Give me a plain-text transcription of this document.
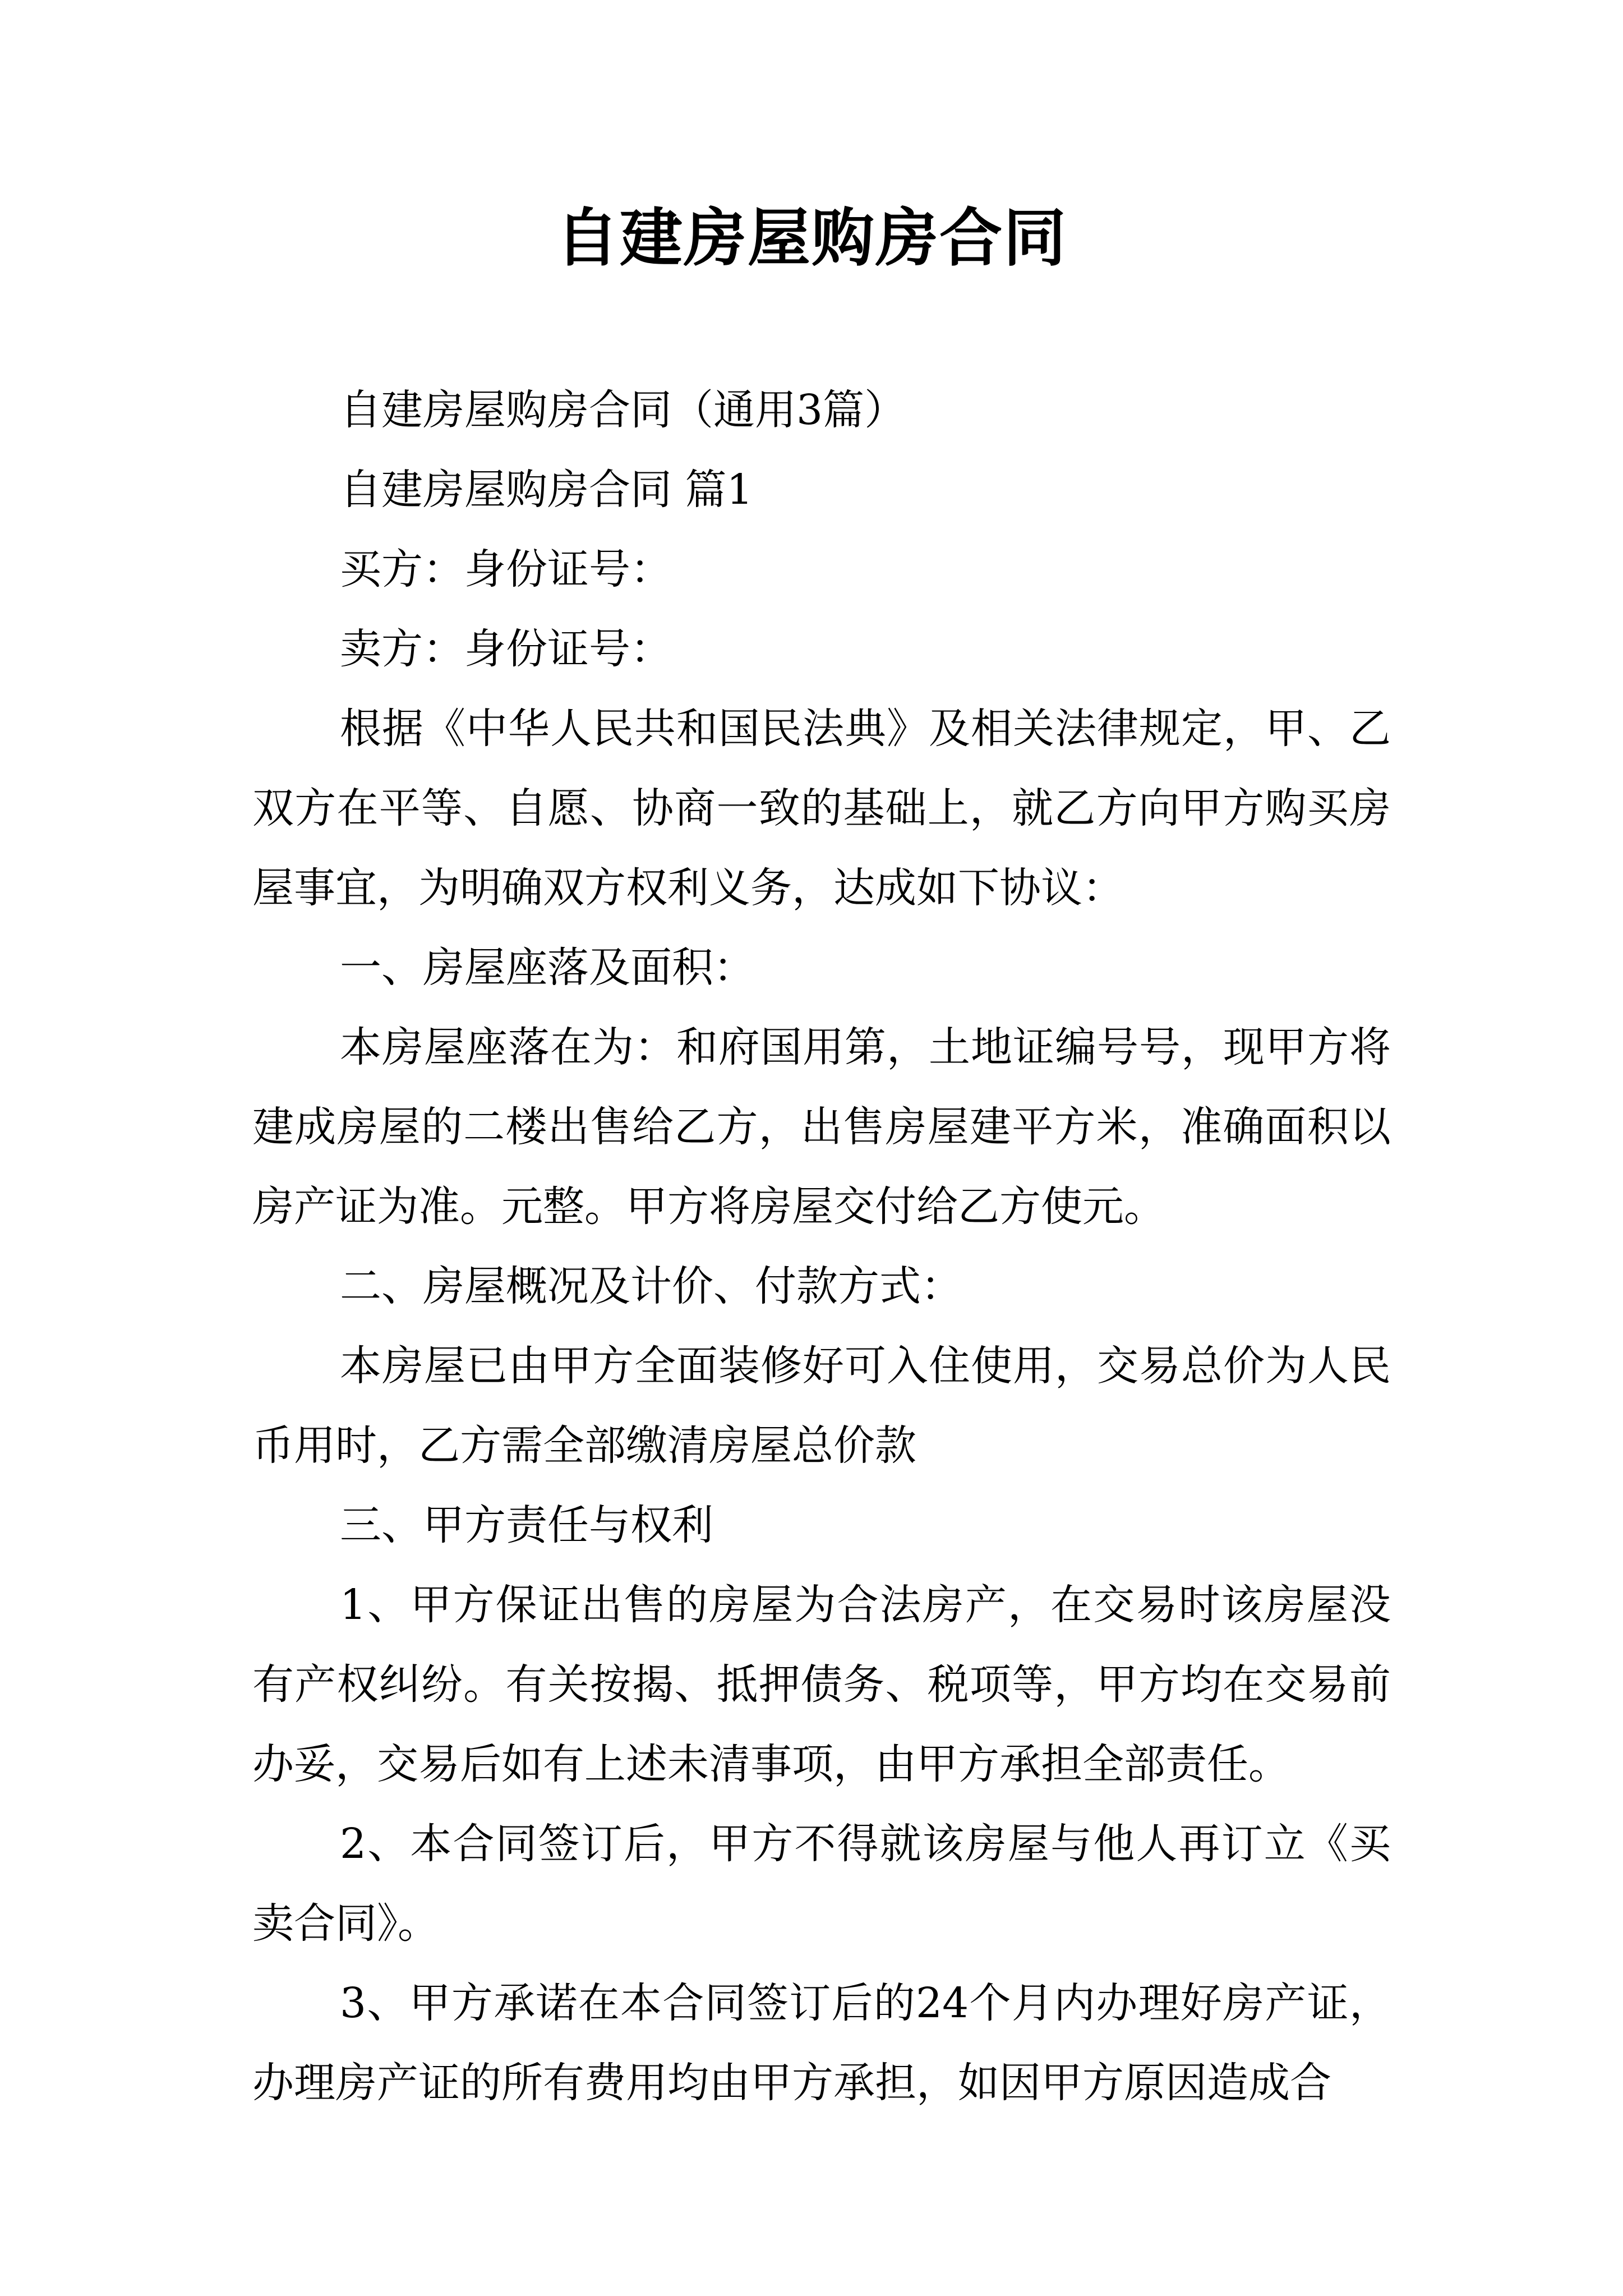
自建房屋购房合同

自建房屋购房合同（通用3篇）

自建房屋购房合同 篇1

买方：身份证号：

卖方：身份证号：

根据《中华人民共和国民法典》及相关法律规定，甲、乙双方在平等、自愿、协商一致的基础上，就乙方向甲方购买房屋事宜，为明确双方权利义务，达成如下协议：

一、房屋座落及面积：

本房屋座落在为：和府国用第，土地证编号号，现甲方将建成房屋的二楼出售给乙方，出售房屋建平方米，准确面积以房产证为准。元整。甲方将房屋交付给乙方使元。

二、房屋概况及计价、付款方式：

本房屋已由甲方全面装修好可入住使用，交易总价为人民币用时，乙方需全部缴清房屋总价款

三、甲方责任与权利

1、甲方保证出售的房屋为合法房产，在交易时该房屋没有产权纠纷。有关按揭、抵押债务、税项等，甲方均在交易前办妥，交易后如有上述未清事项，由甲方承担全部责任。

2、本合同签订后，甲方不得就该房屋与他人再订立《买卖合同》。

3、甲方承诺在本合同签订后的24个月内办理好房产证，办理房产证的所有费用均由甲方承担，如因甲方原因造成合
